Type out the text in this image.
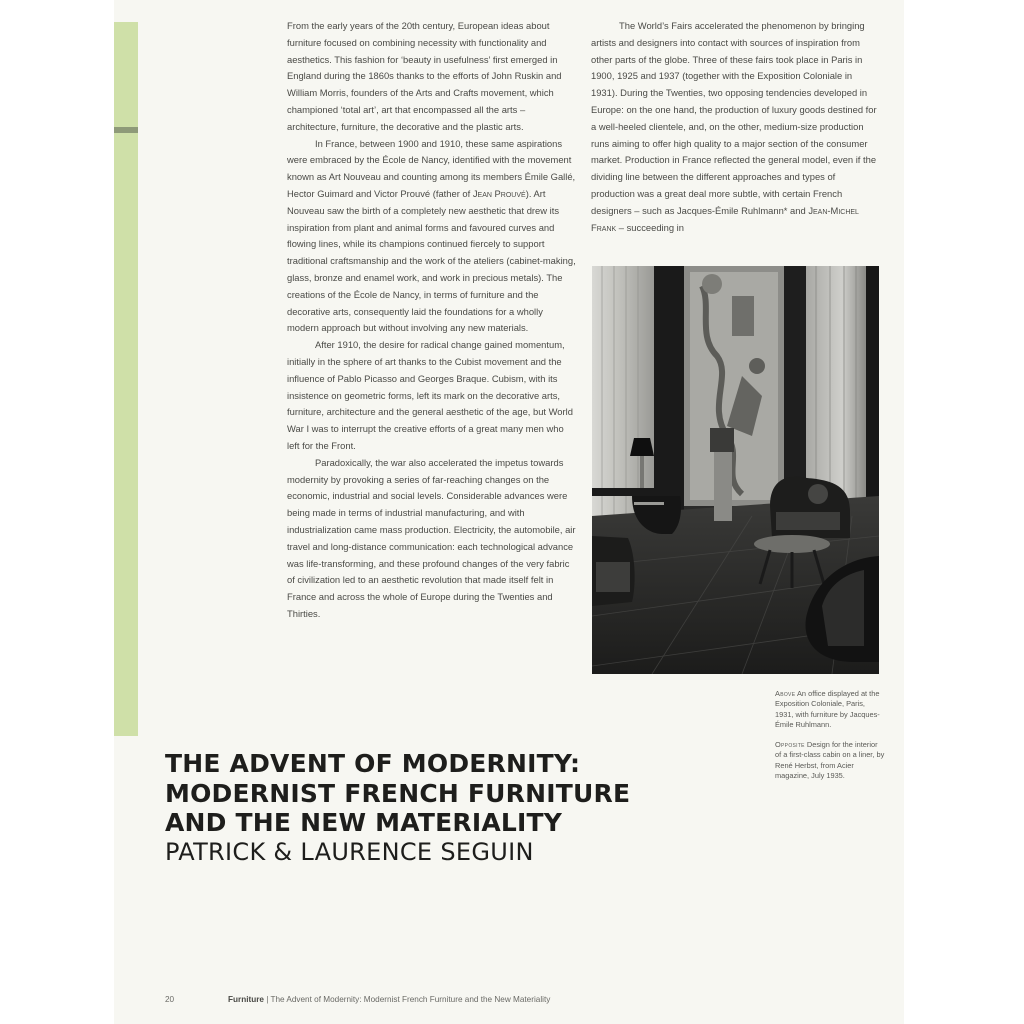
From the early years of the 20th century, European ideas about furniture focused on combining necessity with functionality and aesthetics. This fashion for ‘beauty in usefulness’ first emerged in England during the 1860s thanks to the efforts of John Ruskin and William Morris, founders of the Arts and Crafts movement, which championed ‘total art’, art that encompassed all the arts – architecture, furniture, the decorative and the plastic arts.

In France, between 1900 and 1910, these same aspirations were embraced by the École de Nancy, identified with the movement known as Art Nouveau and counting among its members Émile Gallé, Hector Guimard and Victor Prouvé (father of Jean Prouvé). Art Nouveau saw the birth of a completely new aesthetic that drew its inspiration from plant and animal forms and favoured curves and flowing lines, while its champions continued fiercely to support traditional craftsmanship and the work of the ateliers (cabinet-making, glass, bronze and enamel work, and work in precious metals). The creations of the École de Nancy, in terms of furniture and the decorative arts, consequently laid the foundations for a wholly modern approach but without involving any new materials.

After 1910, the desire for radical change gained momentum, initially in the sphere of art thanks to the Cubist movement and the influence of Pablo Picasso and Georges Braque. Cubism, with its insistence on geometric forms, left its mark on the decorative arts, furniture, architecture and the general aesthetic of the age, but World War I was to interrupt the creative efforts of a great many men who left for the Front.

Paradoxically, the war also accelerated the impetus towards modernity by provoking a series of far-reaching changes on the economic, industrial and social levels. Considerable advances were being made in terms of industrial manufacturing, and with industrialization came mass production. Electricity, the automobile, air travel and long-distance communication: each technological advance was life-transforming, and these profound changes of the very fabric of civilization led to an aesthetic revolution that made itself felt in France and across the whole of Europe during the Twenties and Thirties.

The World’s Fairs accelerated the phenomenon by bringing artists and designers into contact with sources of inspiration from other parts of the globe. Three of these fairs took place in Paris in 1900, 1925 and 1937 (together with the Exposition Coloniale in 1931). During the Twenties, two opposing tendencies developed in Europe: on the one hand, the production of luxury goods destined for a well-heeled clientele, and, on the other, medium-size production runs aiming to offer high quality to a major section of the consumer market. Production in France reflected the general model, even if the dividing line between the different approaches and types of production was a great deal more subtle, with certain French designers – such as Jacques-Émile Ruhlmann* and Jean-Michel Frank – succeeding in

Above An office displayed at the Exposition Coloniale, Paris, 1931, with furniture by Jacques-Émile Ruhlmann.

Opposite Design for the interior of a first-class cabin on a liner, by René Herbst, from Acier magazine, July 1935.

THE ADVENT OF MODERNITY:
MODERNIST FRENCH FURNITURE
AND THE NEW MATERIALITY
PATRICK & LAURENCE SEGUIN
20	Furniture | The Advent of Modernity: Modernist French Furniture and the New Materiality
